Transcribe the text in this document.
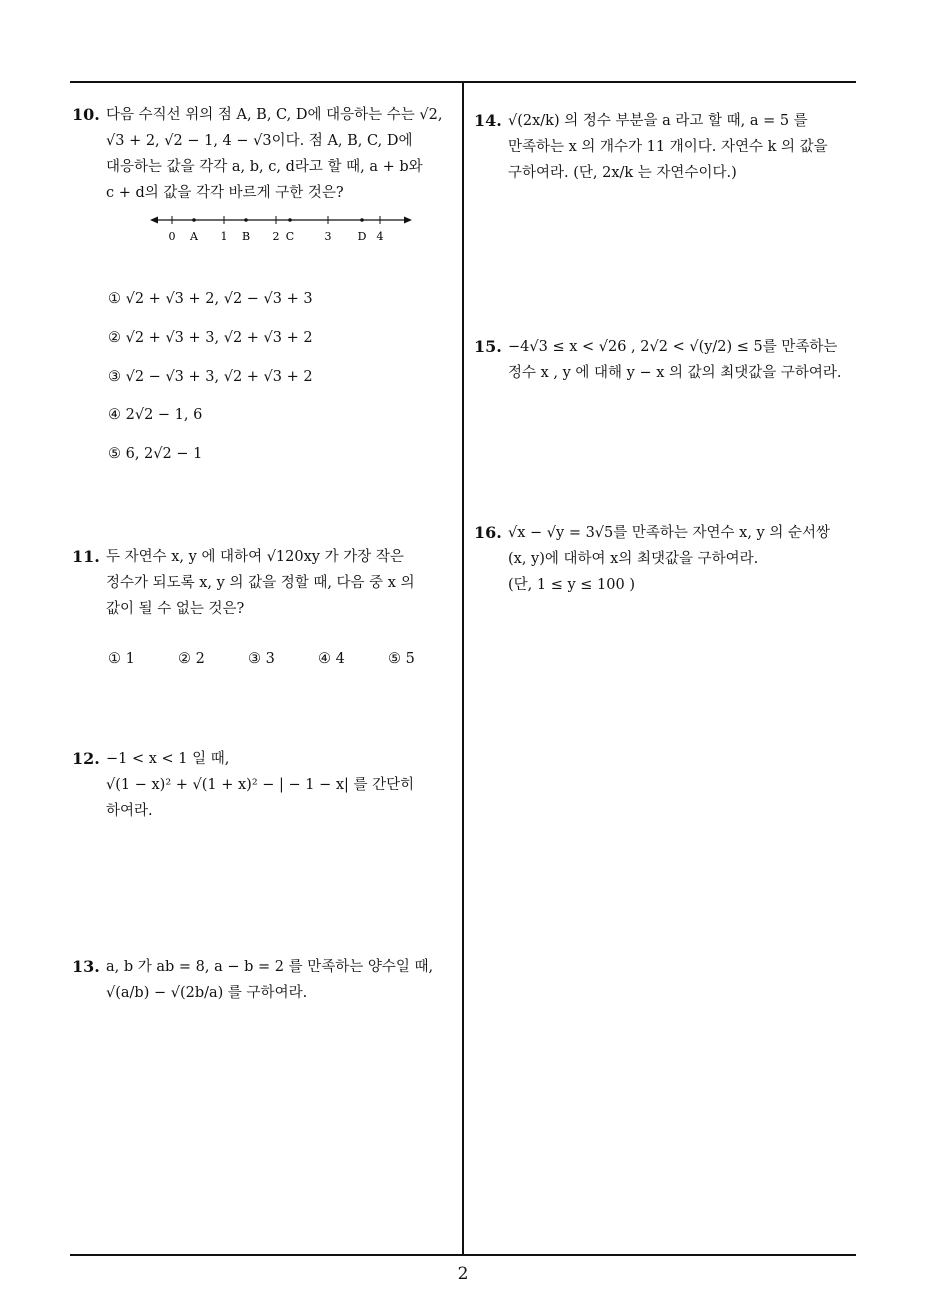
10. 다음 수직선 위의 점 A, B, C, D에 대응하는 수는 √2,
√3 + 2, √2 − 1, 4 − √3이다. 점 A, B, C, D에
대응하는 값을 각각 a, b, c, d라고 할 때, a + b와
c + d의 값을 각각 바르게 구한 것은?
0 A 1 B 2 C	3 D 4
① √2 + √3 + 2, √2 − √3 + 3
② √2 + √3 + 3, √2 + √3 + 2
③ √2 − √3 + 3, √2 + √3 + 2
④ 2√2 − 1, 6
⑤ 6, 2√2 − 1
11. 두 자연수 x, y 에 대하여 √120xy 가 가장 작은
정수가 되도록 x, y 의 값을 정할 때, 다음 중 x 의
값이 될 수 없는 것은?
① 1	② 2	③ 3	④ 4	⑤ 5
12. −1 < x < 1 일 때,
√(1 − x)² + √(1 + x)² − | − 1 − x| 를 간단히
하여라.
13. a, b 가 ab = 8, a − b = 2 를 만족하는 양수일 때,
√(a/b) − √(2b/a) 를 구하여라.
14. √(2x/k) 의 정수 부분을 a 라고 할 때, a = 5 를
만족하는 x 의 개수가 11 개이다. 자연수 k 의 값을
구하여라. (단, 2x/k 는 자연수이다.)
15. −4√3 ≤ x < √26 , 2√2 < √(y/2) ≤ 5를 만족하는
정수 x , y 에 대해 y − x 의 값의 최댓값을 구하여라.
16. √x − √y = 3√5를 만족하는 자연수 x, y 의 순서쌍
(x, y)에 대하여 x의 최댓값을 구하여라.
(단, 1 ≤ y ≤ 100 )
2
